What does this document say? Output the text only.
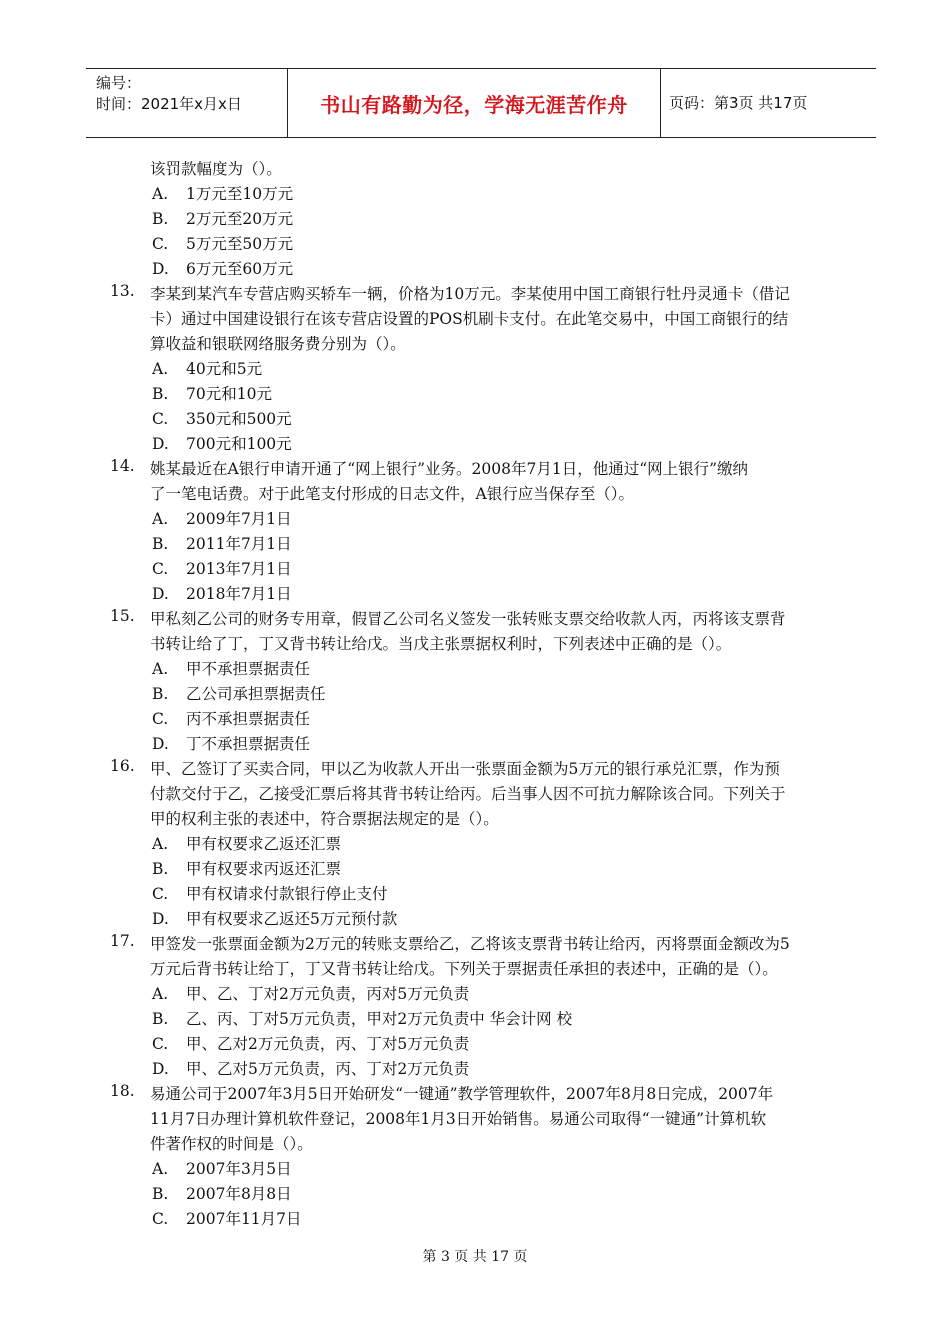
编号：
时间：2021年x月x日	书山有路勤为径，学海无涯苦作舟	页码：第3页 共17页
该罚款幅度为（）。
A.	1万元至10万元
B.	2万元至20万元
C.	5万元至50万元
D.	6万元至60万元
13. 李某到某汽车专营店购买轿车一辆，价格为10万元。李某使用中国工商银行牡丹灵通卡（借记
卡）通过中国建设银行在该专营店设置的POS机刷卡支付。在此笔交易中，中国工商银行的结
算收益和银联网络服务费分别为（）。
A.	40元和5元
B.	70元和10元
C.	350元和500元
D.	700元和100元
14. 姚某最近在A银行申请开通了“网上银行”业务。2008年7月1日，他通过“网上银行”缴纳
了一笔电话费。对于此笔支付形成的日志文件，A银行应当保存至（）。
A.	2009年7月1日
B.	2011年7月1日
C.	2013年7月1日
D.	2018年7月1日
15. 甲私刻乙公司的财务专用章，假冒乙公司名义签发一张转账支票交给收款人丙，丙将该支票背
书转让给了丁，丁又背书转让给戊。当戊主张票据权利时，下列表述中正确的是（）。
A.	甲不承担票据责任
B.	乙公司承担票据责任
C.	丙不承担票据责任
D.	丁不承担票据责任
16. 甲、乙签订了买卖合同，甲以乙为收款人开出一张票面金额为5万元的银行承兑汇票，作为预
付款交付于乙，乙接受汇票后将其背书转让给丙。后当事人因不可抗力解除该合同。下列关于
甲的权利主张的表述中，符合票据法规定的是（）。
A.	甲有权要求乙返还汇票
B.	甲有权要求丙返还汇票
C.	甲有权请求付款银行停止支付
D.	甲有权要求乙返还5万元预付款
17. 甲签发一张票面金额为2万元的转账支票给乙，乙将该支票背书转让给丙，丙将票面金额改为5
万元后背书转让给丁，丁又背书转让给戊。下列关于票据责任承担的表述中，正确的是（）。
A.	甲、乙、丁对2万元负责，丙对5万元负责
B.	乙、丙、丁对5万元负责，甲对2万元负责中 华会计网 校
C.	甲、乙对2万元负责，丙、丁对5万元负责
D.	甲、乙对5万元负责，丙、丁对2万元负责
18. 易通公司于2007年3月5日开始研发“一键通”教学管理软件，2007年8月8日完成，2007年
11月7日办理计算机软件登记，2008年1月3日开始销售。易通公司取得“一键通”计算机软
件著作权的时间是（）。
A.	2007年3月5日
B.	2007年8月8日
C.	2007年11月7日
第 3 页 共 17 页
